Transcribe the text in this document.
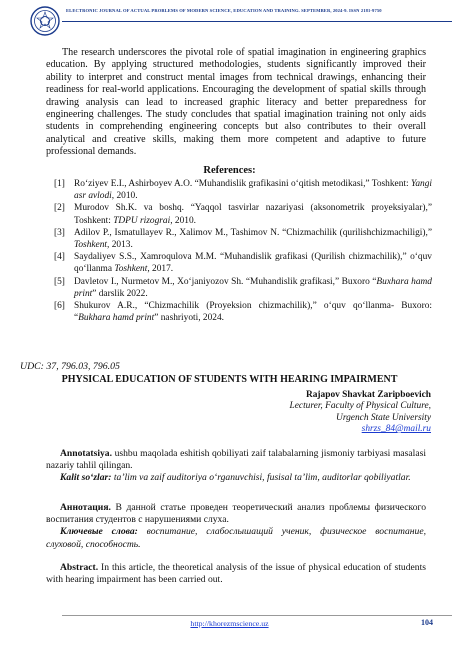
ELECTRONIC JOURNAL OF ACTUAL PROBLEMS OF MODERN SCIENCE, EDUCATION AND TRAINING. SEPTEMBER, 2024-9. ISSN 2181-9750
The research underscores the pivotal role of spatial imagination in engineering graphics education. By applying structured methodologies, students significantly improved their ability to interpret and construct mental images from technical drawings, enhancing their readiness for real-world applications. Encouraging the development of spatial skills through drawing analysis can lead to increased graphic literacy and better preparedness for engineering challenges. The study concludes that spatial imagination training not only aids students in comprehending engineering concepts but also contributes to their overall analytical and creative skills, making them more competent and adaptive to future professional demands.
References:
[1] Roʻziyev E.I., Ashirboyev A.O. “Muhandislik grafikasini oʻqitish metodikasi,” Toshkent: Yangi asr avlodi, 2010.
[2] Murodov Sh.K. va boshq. “Yaqqol tasvirlar nazariyasi (aksonometrik proyeksiyalar),” Toshkent: TDPU rizograi, 2010.
[3] Adilov P., Ismatullayev R., Xalimov M., Tashimov N. “Chizmachilik (qurilishchizmachiligi),” Toshkent, 2013.
[4] Saydaliyev S.S., Xamroqulova M.M. “Muhandislik grafikasi (Qurilish chizmachilik),” oʻquv qoʻllanma Toshkent, 2017.
[5] Davletov I., Nurmetov M., Xoʻjaniyozov Sh. “Muhandislik grafikasi,” Buxoro “Buxhara hamd print” darslik 2022.
[6] Shukurov A.R., “Chizmachilik (Proyeksion chizmachilik),” oʻquv qoʻllanma- Buxoro: “Bukhara hamd print” nashriyoti, 2024.
UDC: 37, 796.03, 796.05
PHYSICAL EDUCATION OF STUDENTS WITH HEARING IMPAIRMENT
Rajapov Shavkat Zaripboevich
Lecturer, Faculty of Physical Culture,
Urgench State University
shrzs_84@mail.ru
Annotatsiya. ushbu maqolada eshitish qobiliyati zaif talabalarning jismoniy tarbiyasi masalasi nazariy tahlil qilingan.
Kalit soʻzlar: taʼlim va zaif auditoriya oʻrganuvchisi, fusisal taʼlim, auditorlar qobiliyatlar.
Аннотация. В данной статье проведен теоретический анализ проблемы физического воспитания студентов с нарушениями слуха.
Ключевые слова: воспитание, слабослышащий ученик, физическое воспитание, слуховой, способность.
Abstract. In this article, the theoretical analysis of the issue of physical education of students with hearing impairment has been carried out.
http://khorezmscience.uz	104
